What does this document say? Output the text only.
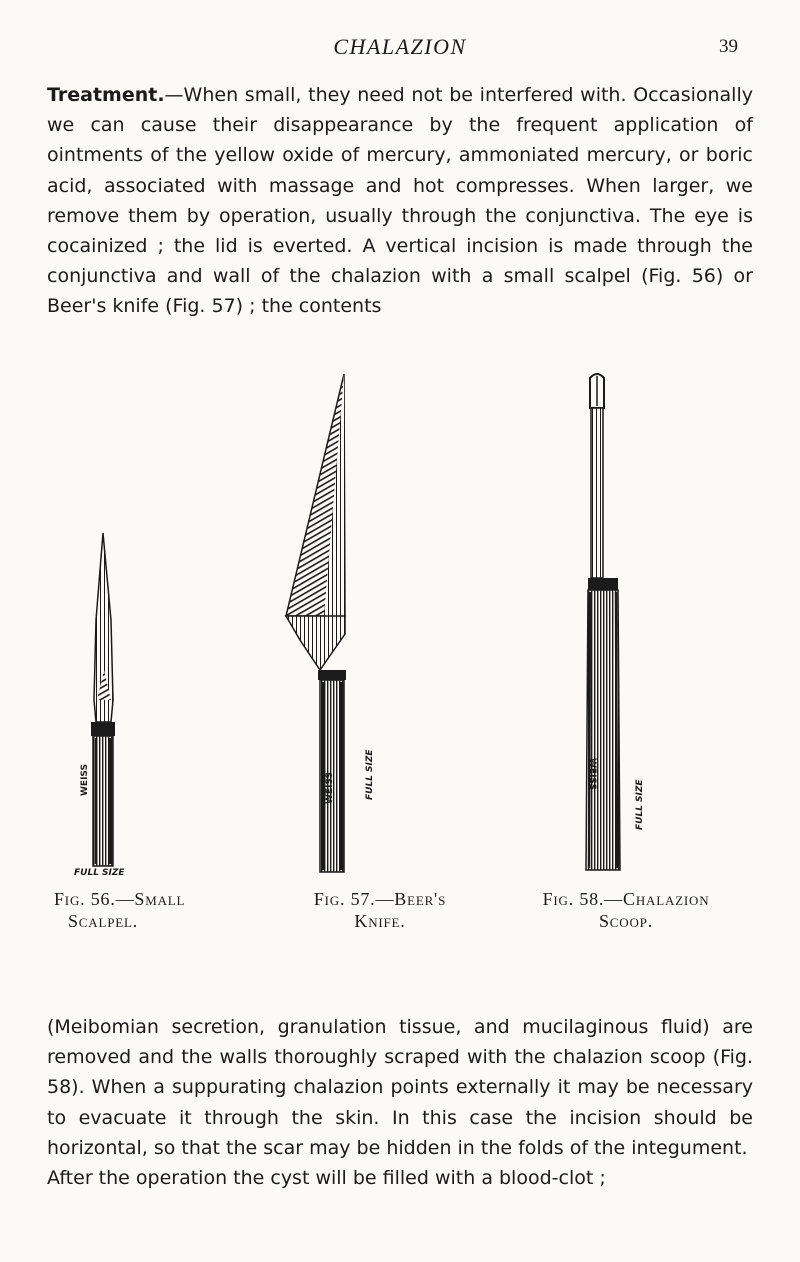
CHALAZION	39

Treatment.—When small, they need not be interfered with. Occasionally we can cause their disappearance by the frequent application of ointments of the yellow oxide of mercury, ammoniated mercury, or boric acid, associated with massage and hot compresses. When larger, we remove them by operation, usually through the conjunctiva. The eye is cocainized ; the lid is everted. A vertical incision is made through the conjunctiva and wall of the chalazion with a small scalpel (Fig. 56) or Beer's knife (Fig. 57) ; the contents

WEISS
FULL SIZE
WEISS	FULL SIZE	WEISS
FULL SIZE
Fig. 56.—Small
Scalpel.
Fig. 57.—Beer's
Knife.
Fig. 58.—Chalazion
Scoop.

(Meibomian secretion, granulation tissue, and mucilaginous fluid) are removed and the walls thoroughly scraped with the chalazion scoop (Fig. 58). When a suppurating chalazion points externally it may be necessary to evacuate it through the skin. In this case the incision should be horizontal, so that the scar may be hidden in the folds of the integument.
After the operation the cyst will be filled with a blood-clot ;
